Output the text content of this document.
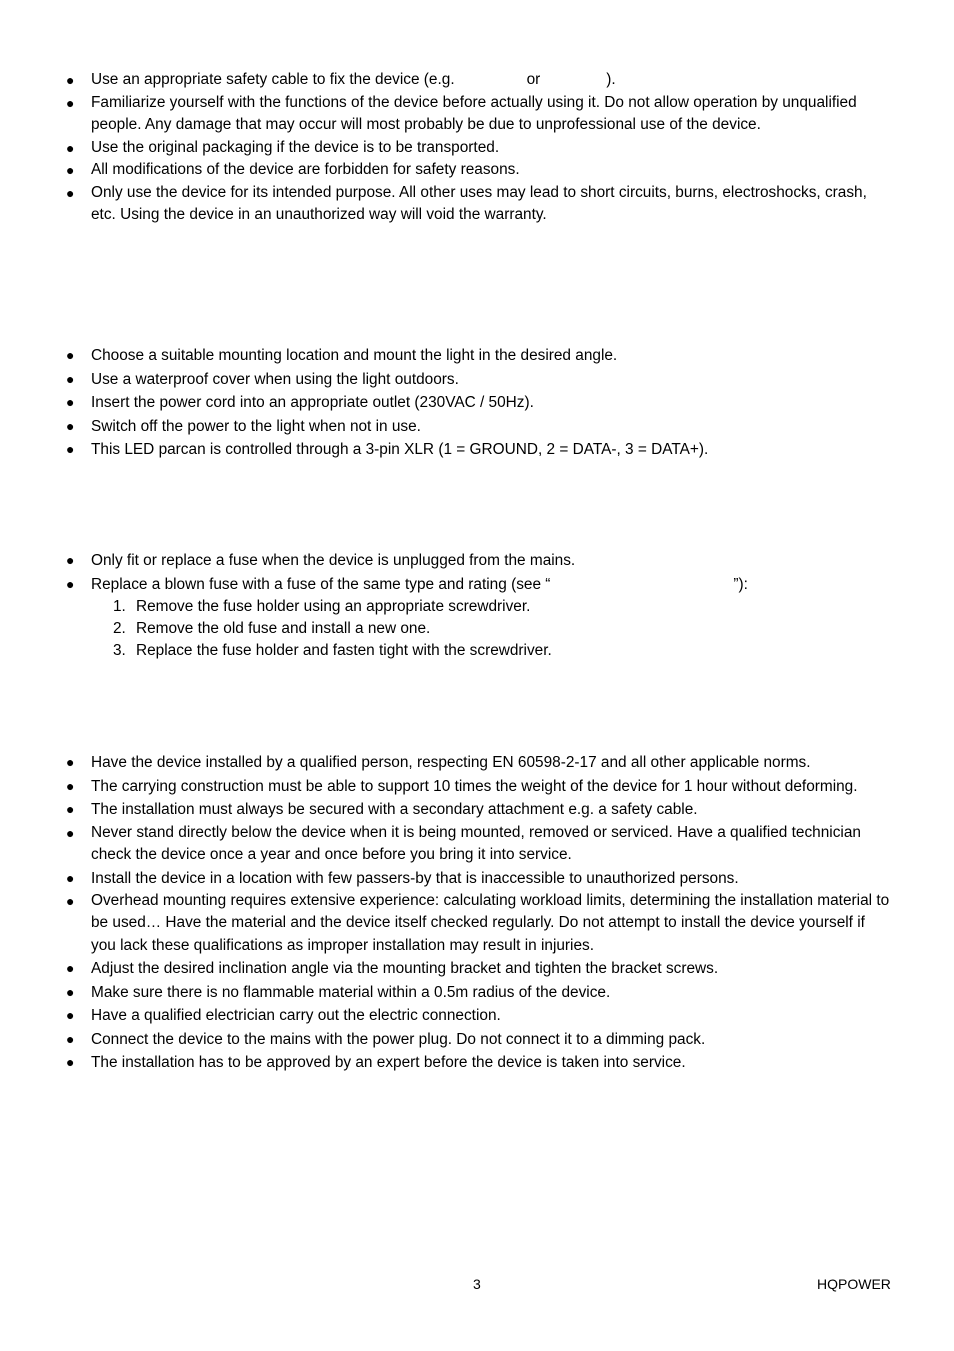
● Use an appropriate safety cable to fix the device (e.g.	or	).
● Familiarize yourself with the functions of the device before actually using it. Do not allow operation by unqualified people. Any damage that may occur will most probably be due to unprofessional use of the device.
● Use the original packaging if the device is to be transported.
● All modifications of the device are forbidden for safety reasons.
● Only use the device for its intended purpose. All other uses may lead to short circuits, burns, electroshocks, crash, etc. Using the device in an unauthorized way will void the warranty.
● Choose a suitable mounting location and mount the light in the desired angle.
● Use a waterproof cover when using the light outdoors.
● Insert the power cord into an appropriate outlet (230VAC / 50Hz).
● Switch off the power to the light when not in use.
● This LED parcan is controlled through a 3-pin XLR (1 = GROUND, 2 = DATA-, 3 = DATA+).
● Only fit or replace a fuse when the device is unplugged from the mains.
● Replace a blown fuse with a fuse of the same type and rating (see “	”):
1. Remove the fuse holder using an appropriate screwdriver.
2. Remove the old fuse and install a new one.
3. Replace the fuse holder and fasten tight with the screwdriver.
● Have the device installed by a qualified person, respecting EN 60598-2-17 and all other applicable norms.
● The carrying construction must be able to support 10 times the weight of the device for 1 hour without deforming.
● The installation must always be secured with a secondary attachment e.g. a safety cable.
● Never stand directly below the device when it is being mounted, removed or serviced. Have a qualified technician check the device once a year and once before you bring it into service.
● Install the device in a location with few passers-by that is inaccessible to unauthorized persons.
● Overhead mounting requires extensive experience: calculating workload limits, determining the installation material to be used… Have the material and the device itself checked regularly. Do not attempt to install the device yourself if you lack these qualifications as improper installation may result in injuries.
● Adjust the desired inclination angle via the mounting bracket and tighten the bracket screws.
● Make sure there is no flammable material within a 0.5m radius of the device.
● Have a qualified electrician carry out the electric connection.
● Connect the device to the mains with the power plug. Do not connect it to a dimming pack.
● The installation has to be approved by an expert before the device is taken into service.
3	HQPOWER
